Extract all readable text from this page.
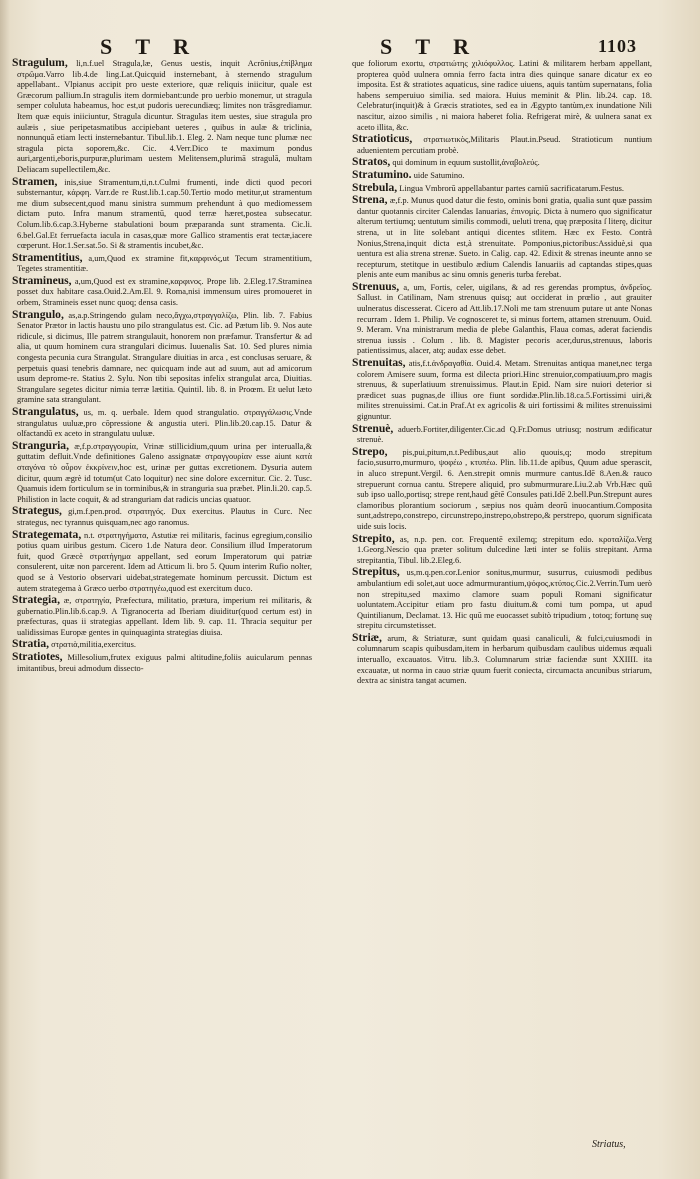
S T R	S T R	1103

Stragulum, li,n.f.uel Stragula,læ, Genus uestis, inquit Acrōnius,ἐπίβλημα στρῶμα.Varro lib.4.de ling.Lat.Quicquid insternebant, à sternendo stragulum appellabant.. Vlpianus accipit pro ueste exteriore, quæ reliquis iniicitur, quale est Græcorum pallium.In stragulis item dormiebant:unde pro uerbio monemur, ut stragula semper coluluta habeamus, hoc est,ut pudoris uerecundiæq; limites non trāsgrediamur. Item quæ equis iniiciuntur, Stragula dicuntur. Stragulas item uestes, siue stragula pro aulæis , siue peripetasmatibus accipiebant ueteres , quibus in aulæ & triclinia, nonnunquā etiam lecti insternebantur. Tibul.lib.1. Eleg. 2. Nam neque tunc plumæ nec stragula picta soporem,&c. Cic. 4.Verr.Dico te maximum pondus auri,argenti,eboris,purpuræ,plurimam uestem Melitensem,plurimā stragulā, multam Deliacam supellectilem,&c.

Stramen, inis,siue Stramentum,ti,n.t.Culmi frumenti, inde dicti quod pecori substernantur, κάρφη. Varr.de re Rust.lib.1.cap.50.Tertio modo metitur,ut stramentum me dium subsecent,quod manu sinistra summum prehendunt à quo mediomessem dictam puto. Infra manum stramentū, quod terræ hæret,postea subsecatur. Colum.lib.6.cap.3.Hyberne stabulationi boum præparanda sunt stramenta. Cic.li. 6.bel.Gal.Et ferruefacta iacula in casas,quæ more Gallico stramentis erat tectæ,iacere cœperunt. Hor.1.Ser.sat.5o. Si & stramentis incubet,&c.

Stramentitius, a,um,Quod ex stramine fit,καρφινός,ut Tecum stramentitium, Tegetes stramentitiæ.

Stramineus, a,um,Quod est ex stramine,καρφινος. Prope lib. 2.Eleg.17.Straminea posset dux habitare casa.Ouid.2.Am.El. 9. Roma,nisi immensum uires promoueret in orbem, Stramineis esset nunc quoq; densa casis.

Strangulo, as,a.p.Stringendo gulam neco,ἄγχω,στραγγαλίζω, Plin. lib. 7. Fabius Senator Prætor in lactis haustu uno pilo strangulatus est. Cic. ad Pætum lib. 9. Nos aute ridicule, si dicimus, Ille patrem strangulauit, honorem non præfamur. Transfertur & ad alia, ut quum hominem cura strangulari dicimus. Iuuenalis Sat. 10. Sed plures nimia congesta pecunia cura Strangulat. Strangulare diuitias in arca , est conclusas seruare, & perpetuis quasi tenebris damnare, nec quicquam inde aut ad suum, aut ad amicorum usum deprome-re. Statius 2. Sylu. Non tibi sepositas infelix strangulat arca, Diuitias. Strangulare segetes dicitur nimia terræ lætitia. Quintil. lib. 8. in Proœm. Et uelut læto gramine sata strangulant.

Strangulatus, us, m. q. uerbale. Idem quod strangulatio. στραγγάλωσις.Vnde strangulatus uuluæ,pro cōpressione & angustia uteri. Plin.lib.20.cap.15. Datur & olfactandū ex aceto in strangulatu uuluæ.

Stranguria, æ,f.p.στραγγουρία, Vrinæ stillicidium,quum urina per interualla,& guttatim defluit.Vnde definitiones Galeno assignatæ στραγγουρίαν esse aiunt κατὰ σταγόνα τὸ οὖρον ἐκκρίνειν,hoc est, urinæ per guttas excretionem. Dysuria autem dicitur, quum ægrè id totum(ut Cato loquitur) nec sine dolore excernitur. Cic. 2. Tusc. Quamuis idem forticulum se in torminibus,& in stranguria sua præbet. Plin.li.20. cap.5. Philistion in lacte coquit, & ad stranguriam dat radicis uncias quatuor.

Strategus, gi,m.f.pen.prod. στρατηγός. Dux exercitus. Plautus in Curc. Nec strategus, nec tyrannus quisquam,nec ago ranomus.

Strategemata, n.t. στρατηγήματα, Astutiæ rei militaris, facinus egregium,consilio potius quam uiribus gestum. Cicero 1.de Natura deor. Consilium illud Imperatorum fuit, quod Græcè στρατήγημα appellant, sed eorum Imperatorum qui patriæ consulerent, uitæ non parcerent. Idem ad Atticum li. bro 5. Quum interim Rufio nolter, quod se à Vestorio observari uidebat,strategemate hominum percussit. Dictum est autem strategema à Græco uerbo στρατηγέω,quod est exercitum duco.

Strategia, æ, στρατηγία, Præfectura, militatio, prætura, imperium rei militaris, & gubernatio.Plin.lib.6.cap.9. A Tigranocerta ad Iberiam diuiditur(quod certum est) in præfecturas, quas ii strategias appellant. Idem lib. 9. cap. 11. Thracia sequitur per ualidissimas Europæ gentes in quinquaginta strategias diuisa.

Stratia, στρατιὰ,militia,exercitus.

Stratiotes, Millesolium,frutex exiguus palmi altitudine,foliis auicularum pennas imitantibus, breui admodum dissecto-

que foliorum exortu, στρατιώτης χιλιόφυλλος. Latini & militarem herbam appellant, propterea quòd uulnera omnia ferro facta intra dies quinque sanare dicatur ex eo imposita. Est & stratiotes aquaticus, sine radice uiuens, aquis tantùm supernatans, folia habens semperuiuo similia. sed maiora. Huius meminit & Plin. lib.24. cap. 18. Celebratur(inquit)& à Græcis stratiotes, sed ea in Ægypto tantùm,ex inundatione Nili nascitur, aizoo similis , ni maiora haberet folia. Refrigerat mirè, & uulnera sanat ex aceto illita, &c.

Stratioticus, στρατιωτικὸς,Militaris Plaut.in.Pseud. Stratioticum nuntium aduenientem percutiam probè.

Stratos, qui dominum in equum sustollit,ἀναβολεύς.

Stratumino. uide Satumino.

Strebula, Lingua Vmbrorū appellabantur partes carniū sacrificatarum.Festus.

Strena, æ,f.p. Munus quod datur die festo, ominis boni gratia, qualia sunt quæ passim dantur quotannis circiter Calendas Ianuarias, ἐπινομίς. Dicta à numero quo significatur alterum tertiumq; uentutum similis commodi, ueluti trena, quę præposita ſ literę, dicitur strena, ut in lite solebant antiqui dicentes stlitem. Hæc ex Festo. Contrà Nonius,Strena,inquit dicta est,à strenuitate. Pomponius,pictoribus:Assiduè,si qua uentura est alia strena strenæ. Sueto. in Calig. cap. 42. Edixit & strenas ineunte anno se recepturum, stetitque in uestibulo ædium Calendis Ianuariis ad captandas stipes,quas plenis ante eum manibus ac sinu omnis generis turba ferebat.

Strenuus, a, um, Fortis, celer, uigilans, & ad res gerendas promptus, ἀνδρεῖος. Sallust. in Catilinam, Nam strenuus quisq; aut occiderat in prœlio , aut grauiter uulneratus discesserat. Cicero ad Att.lib.17.Noli me tam strenuum putare ut ante Nonas recurram . Idem 1. Philip. Ve cognosceret te, si minus fortem, attamen strenuum. Ouid. 9. Meram. Vna ministrarum media de plebe Galanthis, Flaua comas, aderat faciendis strenua iussis . Colum . lib. 8. Magister pecoris acer,durus,strenuus, laboris patientissimus, alacer, atq; audax esse debet.

Strenuitas, atis,f.t.ἀνδραγαθία. Ouid.4. Metam. Strenuitas antiqua manet,nec terga colorem Amisere suum, forma est dilecta priori.Hinc strenuior,compatiuum,pro magis strenuus, & superlatiuum strenuissimus. Plaut.in Epid. Nam sire nuiori deterior si prædicet suas pugnas,de illius ore fiunt sordidæ.Plin.lib.18.ca.5.Fortissimi uiri,& milites strenuissimi. Cat.in Praf.At ex agricolis & uiri fortissimi & milites strenuissimi gignuntur.

Strenuè, aduerb.Fortiter,diligenter.Cic.ad Q.Fr.Domus utriusq; nostrum ædificatur strenuè.

Strepo, pis,pui,pitum,n.t.Pedibus,aut alio quouis,q; modo strepitum facio,susurro,murmuro, ψοφέω , κτυπέω. Plin. lib.11.de apibus, Quum adue sperascit, in aluco strepunt.Vergil. 6. Aen.strepit omnis murmure cantus.Idē 8.Aen.& rauco strepuerunt cornua cantu. Strepere aliquid, pro submurmurare.Liu.2.ab Vrb.Hæc quū sub ipso uallo,portisq; strepe rent,haud gētē Consules pati.Idē 2.bell.Pun.Strepunt aures clamoribus plorantium sociorum , sæpius nos quàm deorū inuocantium.Composita sunt,adstrepo,constrepo, circunstrepo,instrepo,obstrepo,& perstrepo, quorum significata uide suis locis.

Strepito, as, n.p. pen. cor. Frequentē exilemq; strepitum edo. κροταλίζω.Verg 1.Georg.Nescio qua præter solitum dulcedine læti inter se foliis strepitant. Arma strepitantia, Tibul. lib.2.Eleg.6.

Strepitus, us,m.q.pen.cor.Lenior sonitus,murmur, susurrus, cuiusmodi pedibus ambulantium edi solet,aut uoce admurmurantium,ψόφος,κτύπος.Cic.2.Verrin.Tum uerò non strepitu,sed maximo clamore suam populi Romani significatur uoluntatem.Accipitur etiam pro fastu diuitum.& comi tum pompa, ut apud Quintilianum, Declamat. 13. Hic quū me euocasset subitò tripudium , totoq; fortunę suę strepitu circumstetisset.

Striæ, arum, & Striaturæ, sunt quidam quasi canaliculi, & fulci,cuiusmodi in columnarum scapis quibusdam,item in herbarum quibusdam caulibus uidemus æquali interuallo, excauatos. Vitru. lib.3. Columnarum striæ faciendæ sunt XXIIII. ita excauatæ, ut norma in cauo striæ quum fuerit coniecta, circumacta ancunibus striarum, dextra ac sinistra tangat acumen.

Striatus,
